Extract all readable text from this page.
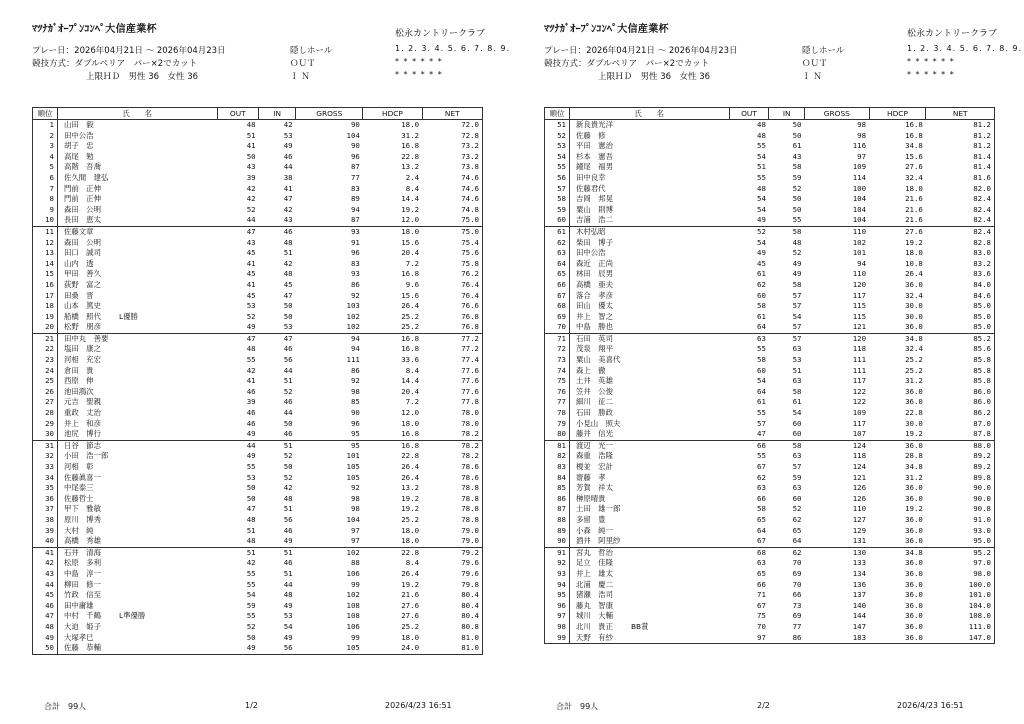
ﾏﾂﾅｶﾞｵｰﾌﾟﾝｺﾝﾍﾟ大信産業杯	松永カントリークラブ
プレー日：2026年04月21日 ～ 2026年04月23日
競技方式：ダブルペリア　パー×2でカット
上限ＨＤ　男性 36　女性 36
隠しホール	1. 2. 3. 4. 5. 6. 7. 8. 9.
ＯＵＴ	* * * * * *
Ｉ Ｎ	* * * * * *
順位	氏　　名	OUT	IN	GROSS	HDCP	NET
1	山田　毅	48	42	90	18.0	72.0
2	田中公浩	51	53	104	31.2	72.8
3	胡子　忠	41	49	90	16.8	73.2
4	高尾　勉	50	46	96	22.8	73.2
5	高階　吾喬	43	44	87	13.2	73.8
6	佐久間　建弘	39	38	77	2.4	74.6
7	門前　正伸	42	41	83	8.4	74.6
8	門前　正伸	42	47	89	14.4	74.6
9	森田　公明	52	42	94	19.2	74.8
10	長田　恵太	44	43	87	12.0	75.0
11	佐藤文章	47	46	93	18.0	75.0
12	森田　公明	43	48	91	15.6	75.4
13	田口　誠司	45	51	96	20.4	75.6
14	山内　透	41	42	83	7.2	75.8
15	甲田　善久	45	48	93	16.8	76.2
16	荻野　富之	41	45	86	9.6	76.4
17	田桑　晋	45	47	92	15.6	76.4
18	山本　篤史	53	50	103	26.4	76.6
19	船橋　照代 L優勝	52	50	102	25.2	76.8
20	松野　朋彦	49	53	102	25.2	76.8
21	田中丸　善要	47	47	94	16.8	77.2
22	塩田　康之	48	46	94	16.8	77.2
23	河相　充宏	55	56	111	33.6	77.4
24	倉田　貴	42	44	86	8.4	77.6
25	西原　伸	41	51	92	14.4	77.6
26	池田鴻次	46	52	98	20.4	77.6
27	元吉　聖親	39	46	85	7.2	77.8
28	重政　丈治	46	44	90	12.0	78.0
29	井上　和彦	46	50	96	18.0	78.0
30	池尻　博行	49	46	95	16.8	78.2
31	日谷　節志	44	51	95	16.8	78.2
32	小田　浩一郎	49	52	101	22.8	78.2
33	河相　彰	55	50	105	26.4	78.6
34	佐藤眞喜一	53	52	105	26.4	78.6
35	中尾泰三	50	42	92	13.2	78.8
36	佐藤哲士	50	48	98	19.2	78.8
37	甲下　雅敏	47	51	98	19.2	78.8
38	原川　博秀	48	56	104	25.2	78.8
39	大村　純	51	46	97	18.0	79.0
40	高橋　秀雄	48	49	97	18.0	79.0
41	石井　清海	51	51	102	22.8	79.2
42	松原　多利	42	46	88	8.4	79.6
43	中島　淳一	55	51	106	26.4	79.6
44	柳田　修一	55	44	99	19.2	79.8
45	竹政　信至	54	48	102	21.6	80.4
46	田中庸雄	59	49	108	27.6	80.4
47	中村　千鶴 L準優勝	55	53	108	27.6	80.4
48	大迫　姫子	52	54	106	25.2	80.8
49	大塚孝巳	50	49	99	18.0	81.0
50	佐藤　恭輔	49	56	105	24.0	81.0
合計　99人	1/2	2026/4/23 16:51
ﾏﾂﾅｶﾞｵｰﾌﾟﾝｺﾝﾍﾟ大信産業杯	松永カントリークラブ
プレー日：2026年04月21日 ～ 2026年04月23日
競技方式：ダブルペリア　パー×2でカット
上限ＨＤ　男性 36　女性 36
隠しホール	1. 2. 3. 4. 5. 6. 7. 8. 9.
ＯＵＴ	* * * * * *
Ｉ Ｎ	* * * * * *
順位	氏　　名	OUT	IN	GROSS	HDCP	NET
51	新良貴光洋	48	50	98	16.8	81.2
52	佐藤　修	48	50	98	16.8	81.2
53	平田　憲治	55	61	116	34.8	81.2
54	杉本　憲吾	54	43	97	15.6	81.4
55	鐘尾　福男	51	58	109	27.6	81.4
56	田中良幸	55	59	114	32.4	81.6
57	佐藤君代	48	52	100	18.0	82.0
58	吉岡　邦晃	54	50	104	21.6	82.4
59	粟山　則博	54	50	104	21.6	82.4
60	吉浦　浩二	49	55	104	21.6	82.4
61	木村弘昭	52	58	110	27.6	82.4
62	柴田　博子	54	48	102	19.2	82.8
63	田中公浩	49	52	101	18.0	83.0
64	森近　正尚	45	49	94	10.8	83.2
65	林田　辰男	61	49	110	26.4	83.6
66	高橋　亜夫	62	58	120	36.0	84.0
67	落合　孝彦	60	57	117	32.4	84.6
68	田山　優太	58	57	115	30.0	85.0
69	井上　智之	61	54	115	30.0	85.0
70	中島　勝也	64	57	121	36.0	85.0
71	石田　英司	63	57	120	34.8	85.2
72	茂泉　翔平	55	63	118	32.4	85.6
73	粟山　美喜代	58	53	111	25.2	85.8
74	森上　徹	60	51	111	25.2	85.8
75	土井　英雄	54	63	117	31.2	85.8
76	笠井　公俊	64	58	122	36.0	86.0
77	細川　征二	61	61	122	36.0	86.0
78	石田　勝政	55	54	109	22.8	86.2
79	小見山　照夫	57	60	117	30.0	87.0
80	藤井　信光	47	60	107	19.2	87.8
81	渡辺　光一	66	58	124	36.0	88.0
82	森重　浩隆	55	63	118	28.8	89.2
83	榎並　宏計	67	57	124	34.8	89.2
84	齋藤　孝	62	59	121	31.2	89.8
85	芳賀　祥太	63	63	126	36.0	90.0
86	榊原晴貴	66	60	126	36.0	90.0
87	土田　雄一郎	58	52	110	19.2	90.8
88	多留　豊	65	62	127	36.0	91.0
89	小森　純一	64	65	129	36.0	93.0
90	酒井　阿里紗	67	64	131	36.0	95.0
91	宮丸　哲治	68	62	130	34.8	95.2
92	足立　佳隆	63	70	133	36.0	97.0
93	井上　雄太	65	69	134	36.0	98.0
94	北浦　慶二	66	70	136	36.0	100.0
95	猪瀬　浩司	71	66	137	36.0	101.0
96	藤丸　智康	67	73	140	36.0	104.0
97	城川　大輔	75	69	144	36.0	108.0
98	北川　貴正 BB賞	70	77	147	36.0	111.0
99	天野　有紗	97	86	183	36.0	147.0
合計　99人	2/2	2026/4/23 16:51
